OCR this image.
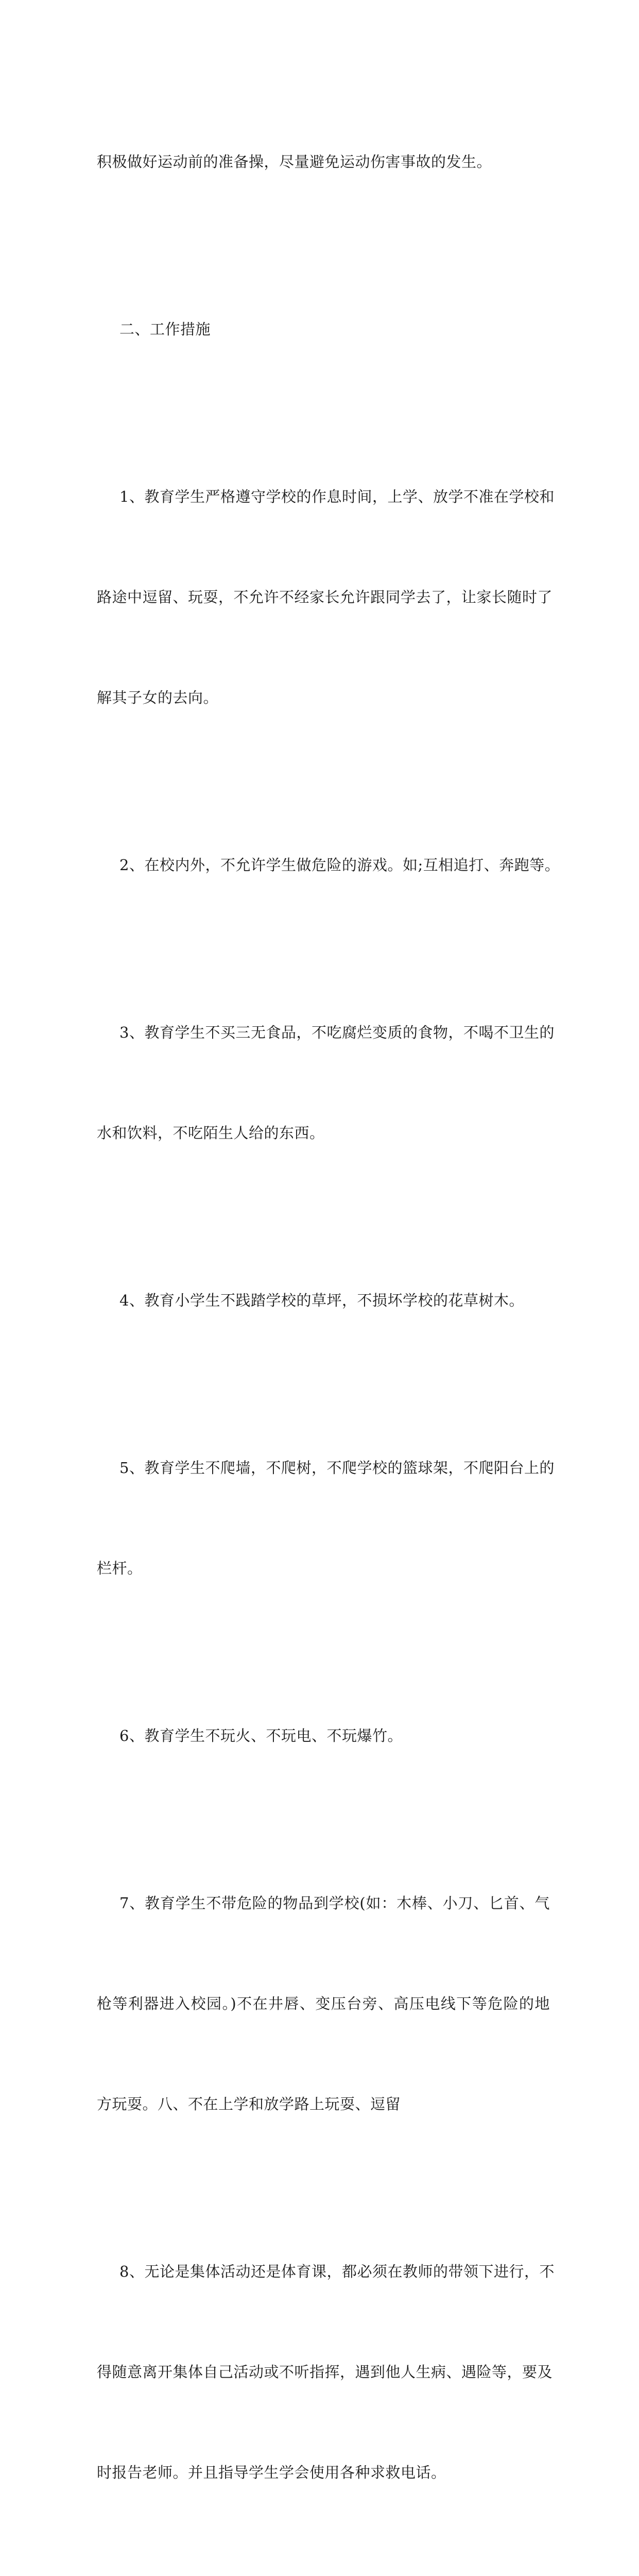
积极做好运动前的准备操，尽量避免运动伤害事故的发生。

二、工作措施

1、教育学生严格遵守学校的作息时间，上学、放学不准在学校和

路途中逗留、玩耍，不允许不经家长允许跟同学去了，让家长随时了

解其子女的去向。

2、在校内外，不允许学生做危险的游戏。如;互相追打、奔跑等。

3、教育学生不买三无食品，不吃腐烂变质的食物，不喝不卫生的

水和饮料，不吃陌生人给的东西。

4、教育小学生不践踏学校的草坪，不损坏学校的花草树木。

5、教育学生不爬墙，不爬树，不爬学校的篮球架，不爬阳台上的

栏杆。

6、教育学生不玩火、不玩电、不玩爆竹。

7、教育学生不带危险的物品到学校(如：木棒、小刀、匕首、气

枪等利器进入校园。)不在井唇、变压台旁、高压电线下等危险的地

方玩耍。八、不在上学和放学路上玩耍、逗留

8、无论是集体活动还是体育课，都必须在教师的带领下进行，不

得随意离开集体自己活动或不听指挥，遇到他人生病、遇险等，要及

时报告老师。并且指导学生学会使用各种求救电话。
